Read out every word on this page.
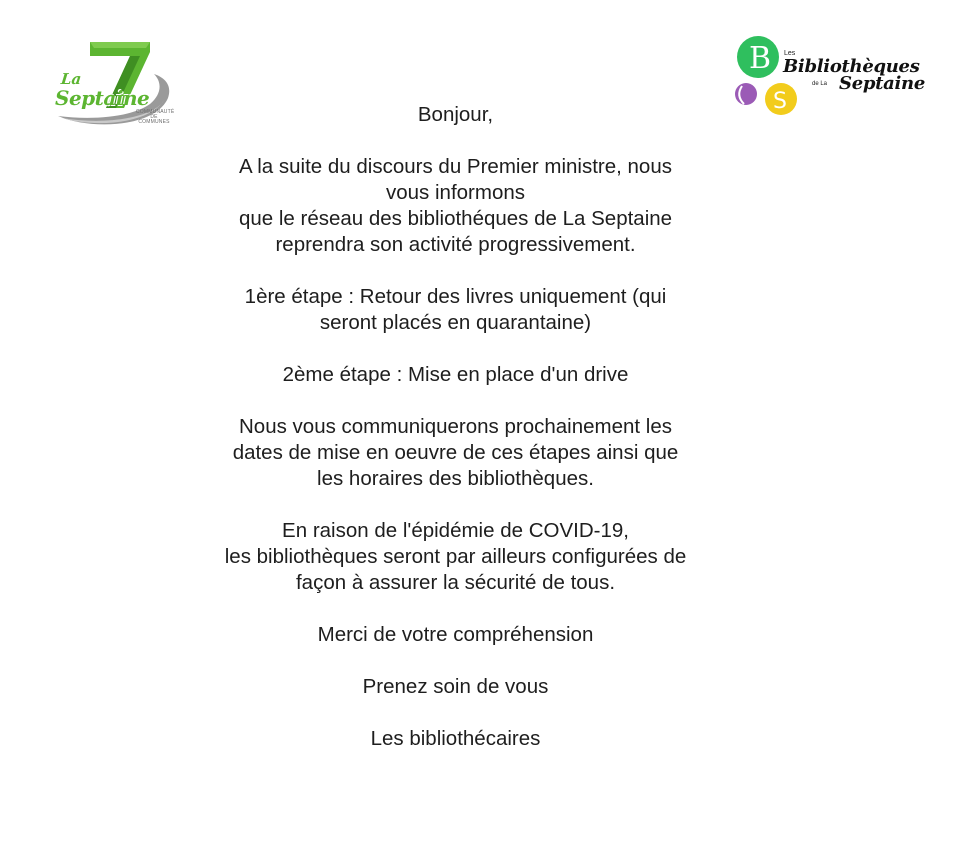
La
Septaine
COMMUNAUTÉ
DE COMMUNES
B
S
Les
Bibliothèques
de La Septaine
Bonjour,
A la suite du discours du Premier ministre, nous
vous informons
que le réseau des bibliothéques de La Septaine
reprendra son activité progressivement.
1ère étape : Retour des livres uniquement (qui
seront placés en quarantaine)
2ème étape : Mise en place d'un drive
Nous vous communiquerons prochainement les
dates de mise en oeuvre de ces étapes ainsi que
les horaires des bibliothèques.
En raison de l'épidémie de COVID-19,
les bibliothèques seront par ailleurs configurées de
façon à assurer la sécurité de tous.
Merci de votre compréhension
Prenez soin de vous
Les bibliothécaires
